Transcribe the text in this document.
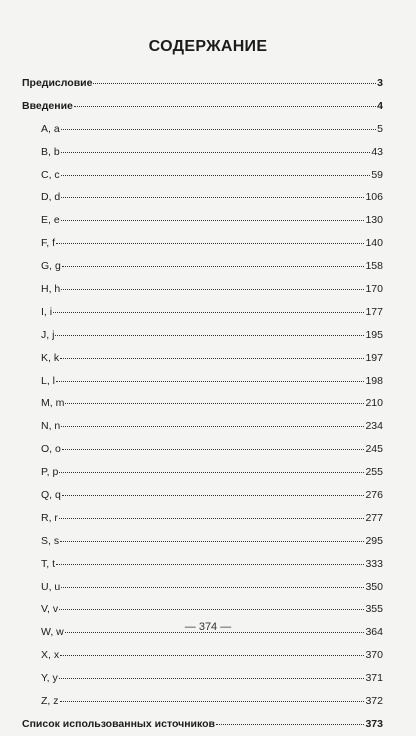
СОДЕРЖАНИЕ
Предисловие	3
Введение	4
A, a	5
B, b	43
C, c	59
D, d	106
E, e	130
F, f	140
G, g	158
H, h	170
I, i	177
J, j	195
K, k	197
L, l	198
M, m	210
N, n	234
O, o	245
P, p	255
Q, q	276
R, r	277
S, s	295
T, t	333
U, u	350
V, v	355
W, w	364
X, x	370
Y, y	371
Z, z	372
Список использованных источников	373
— 374 —
